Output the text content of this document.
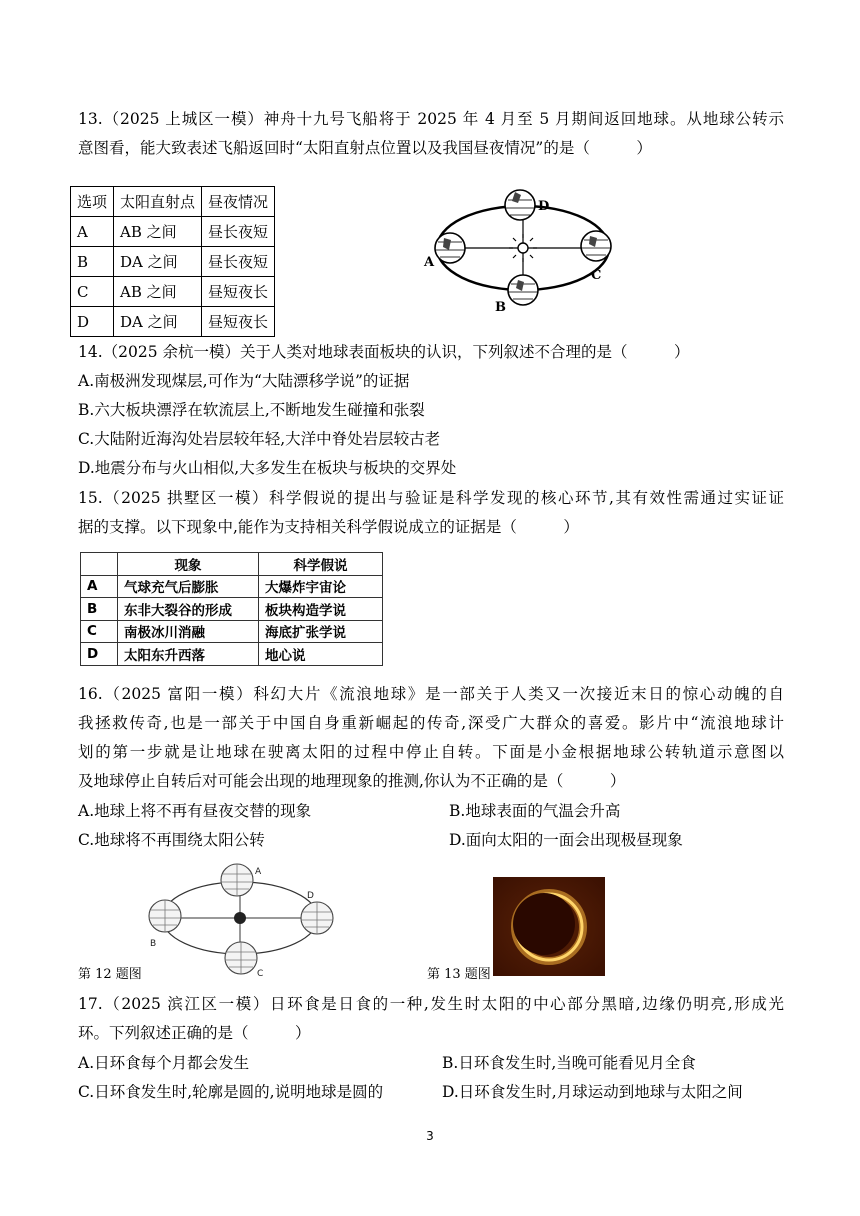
13.（2025 上城区一模）神舟十九号飞船将于 2025 年 4 月至 5 月期间返回地球。从地球公转示
意图看，能大致表述飞船返回时“太阳直射点位置以及我国昼夜情况”的是（　　　）
选项	太阳直射点	昼夜情况
A	AB 之间	昼长夜短
B	DA 之间	昼长夜短
C	AB 之间	昼短夜长
D	DA 之间	昼短夜长
D
A
B
C
14.（2025 余杭一模）关于人类对地球表面板块的认识，下列叙述不合理的是（　　　）
A.南极洲发现煤层,可作为“大陆漂移学说”的证据
B.六大板块漂浮在软流层上,不断地发生碰撞和张裂
C.大陆附近海沟处岩层较年轻,大洋中脊处岩层较古老
D.地震分布与火山相似,大多发生在板块与板块的交界处
15.（2025 拱墅区一模）科学假说的提出与验证是科学发现的核心环节,其有效性需通过实证证
据的支撑。以下现象中,能作为支持相关科学假说成立的证据是（　　　）
	现象	科学假说
A	气球充气后膨胀	大爆炸宇宙论
B	东非大裂谷的形成	板块构造学说
C	南极冰川消融	海底扩张学说
D	太阳东升西落	地心说
16.（2025 富阳一模）科幻大片《流浪地球》是一部关于人类又一次接近末日的惊心动魄的自
我拯救传奇,也是一部关于中国自身重新崛起的传奇,深受广大群众的喜爱。影片中“流浪地球计
划的第一步就是让地球在驶离太阳的过程中停止自转。下面是小金根据地球公转轨道示意图以
及地球停止自转后对可能会出现的地理现象的推测,你认为不正确的是（　　　）
A.地球上将不再有昼夜交替的现象	B.地球表面的气温会升高
C.地球将不再围绕太阳公转	D.面向太阳的一面会出现极昼现象
A
B
C
D
第 12 题图	第 13 题图
17.（2025 滨江区一模）日环食是日食的一种,发生时太阳的中心部分黑暗,边缘仍明亮,形成光
环。下列叙述正确的是（　　　）
A.日环食每个月都会发生	B.日环食发生时,当晚可能看见月全食
C.日环食发生时,轮廓是圆的,说明地球是圆的	D.日环食发生时,月球运动到地球与太阳之间
3
